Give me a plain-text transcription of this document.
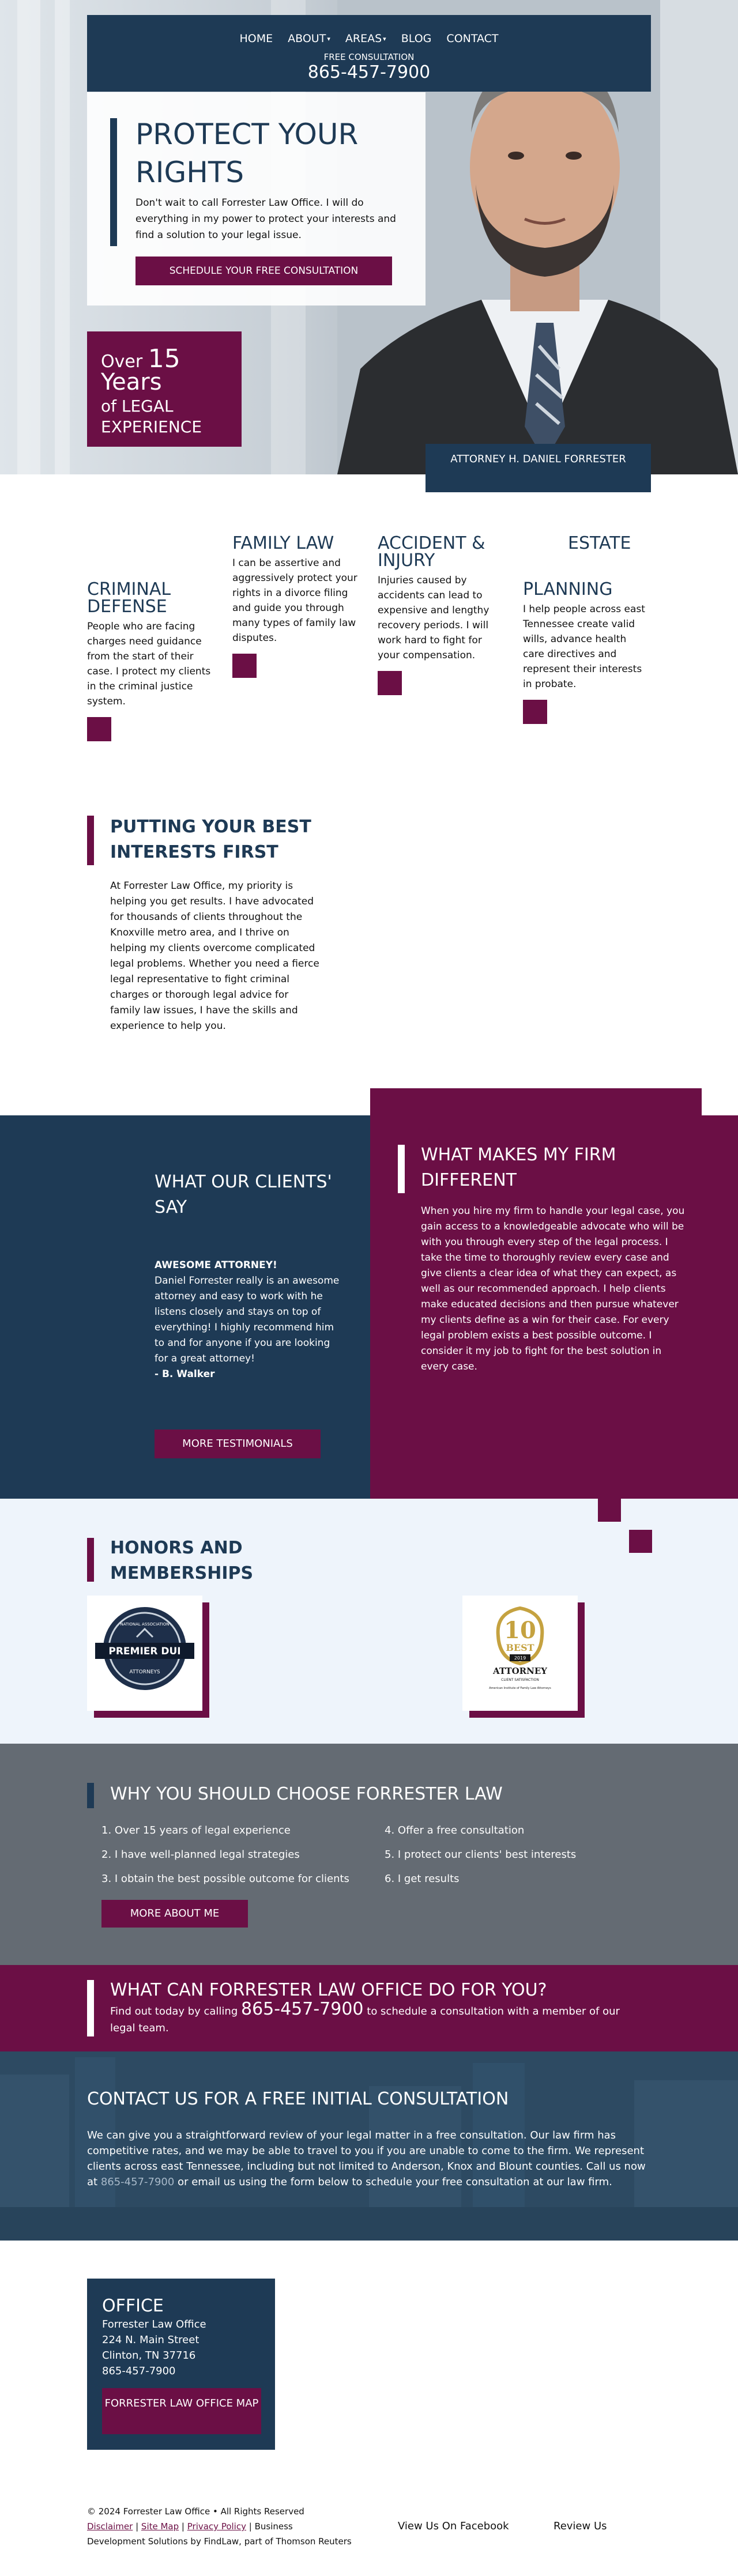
HOME ABOUT ▾ AREAS ▾ BLOG CONTACT
FREE CONSULTATION
865-457-7900
PROTECT YOUR RIGHTS

Don't wait to call Forrester Law Office. I will do everything in my power to protect your interests and find a solution to your legal issue.

SCHEDULE YOUR FREE CONSULTATION
Over 15
Years
of LEGAL EXPERIENCE
ATTORNEY H. DANIEL FORRESTER
CRIMINAL DEFENSE

People who are facing charges need guidance from the start of their case. I protect my clients in the criminal justice system.

FAMILY LAW

I can be assertive and aggressively protect your rights in a divorce filing and guide you through many types of family law disputes.

ACCIDENT & INJURY

Injuries caused by accidents can lead to expensive and lengthy recovery periods. I will work hard to fight for your compensation.

ESTATE
PLANNING

I help people across east Tennessee create valid wills, advance health care directives and represent their interests in probate.

PUTTING YOUR BEST INTERESTS FIRST

At Forrester Law Office, my priority is helping you get results. I have advocated for thousands of clients throughout the Knoxville metro area, and I thrive on helping my clients overcome complicated legal problems. Whether you need a fierce legal representative to fight criminal charges or thorough legal advice for family law issues, I have the skills and experience to help you.

WHAT OUR CLIENTS' SAY
AWESOME ATTORNEY!
Daniel Forrester really is an awesome attorney and easy to work with he listens closely and stays on top of everything! I highly recommend him to and for anyone if you are looking for a great attorney!
- B. Walker
MORE TESTIMONIALS
WHAT MAKES MY FIRM DIFFERENT

When you hire my firm to handle your legal case, you gain access to a knowledgeable advocate who will be with you through every step of the legal process. I take the time to thoroughly review every case and give clients a clear idea of what they can expect, as well as our recommended approach. I help clients make educated decisions and then pursue whatever my clients define as a win for their case. For every legal problem exists a best possible outcome. I consider it my job to fight for the best solution in every case.

HONORS AND MEMBERSHIPS
NATIONAL ASSOCIATION
PREMIER DUI
ATTORNEYS
10
BEST
2019
ATTORNEY
CLIENT SATISFACTION
American Institute of Family Law Attorneys
WHY YOU SHOULD CHOOSE FORRESTER LAW
1. Over 15 years of legal experience
2. I have well-planned legal strategies
3. I obtain the best possible outcome for clients
4. Offer a free consultation
5. I protect our clients' best interests
6. I get results
MORE ABOUT ME
WHAT CAN FORRESTER LAW OFFICE DO FOR YOU?

Find out today by calling 865-457-7900 to schedule a consultation with a member of our legal team.

CONTACT US FOR A FREE INITIAL CONSULTATION

We can give you a straightforward review of your legal matter in a free consultation. Our law firm has competitive rates, and we may be able to travel to you if you are unable to come to the firm. We represent clients across east Tennessee, including but not limited to Anderson, Knox and Blount counties. Call us now at 865-457-7900 or email us using the form below to schedule your free consultation at our law firm.

OFFICE
Forrester Law Office
224 N. Main Street
Clinton, TN 37716
865-457-7900
FORRESTER LAW OFFICE MAP
© 2024 Forrester Law Office • All Rights Reserved
Disclaimer | Site Map | Privacy Policy | Business Development Solutions by FindLaw, part of Thomson Reuters
View Us On Facebook	Review Us
